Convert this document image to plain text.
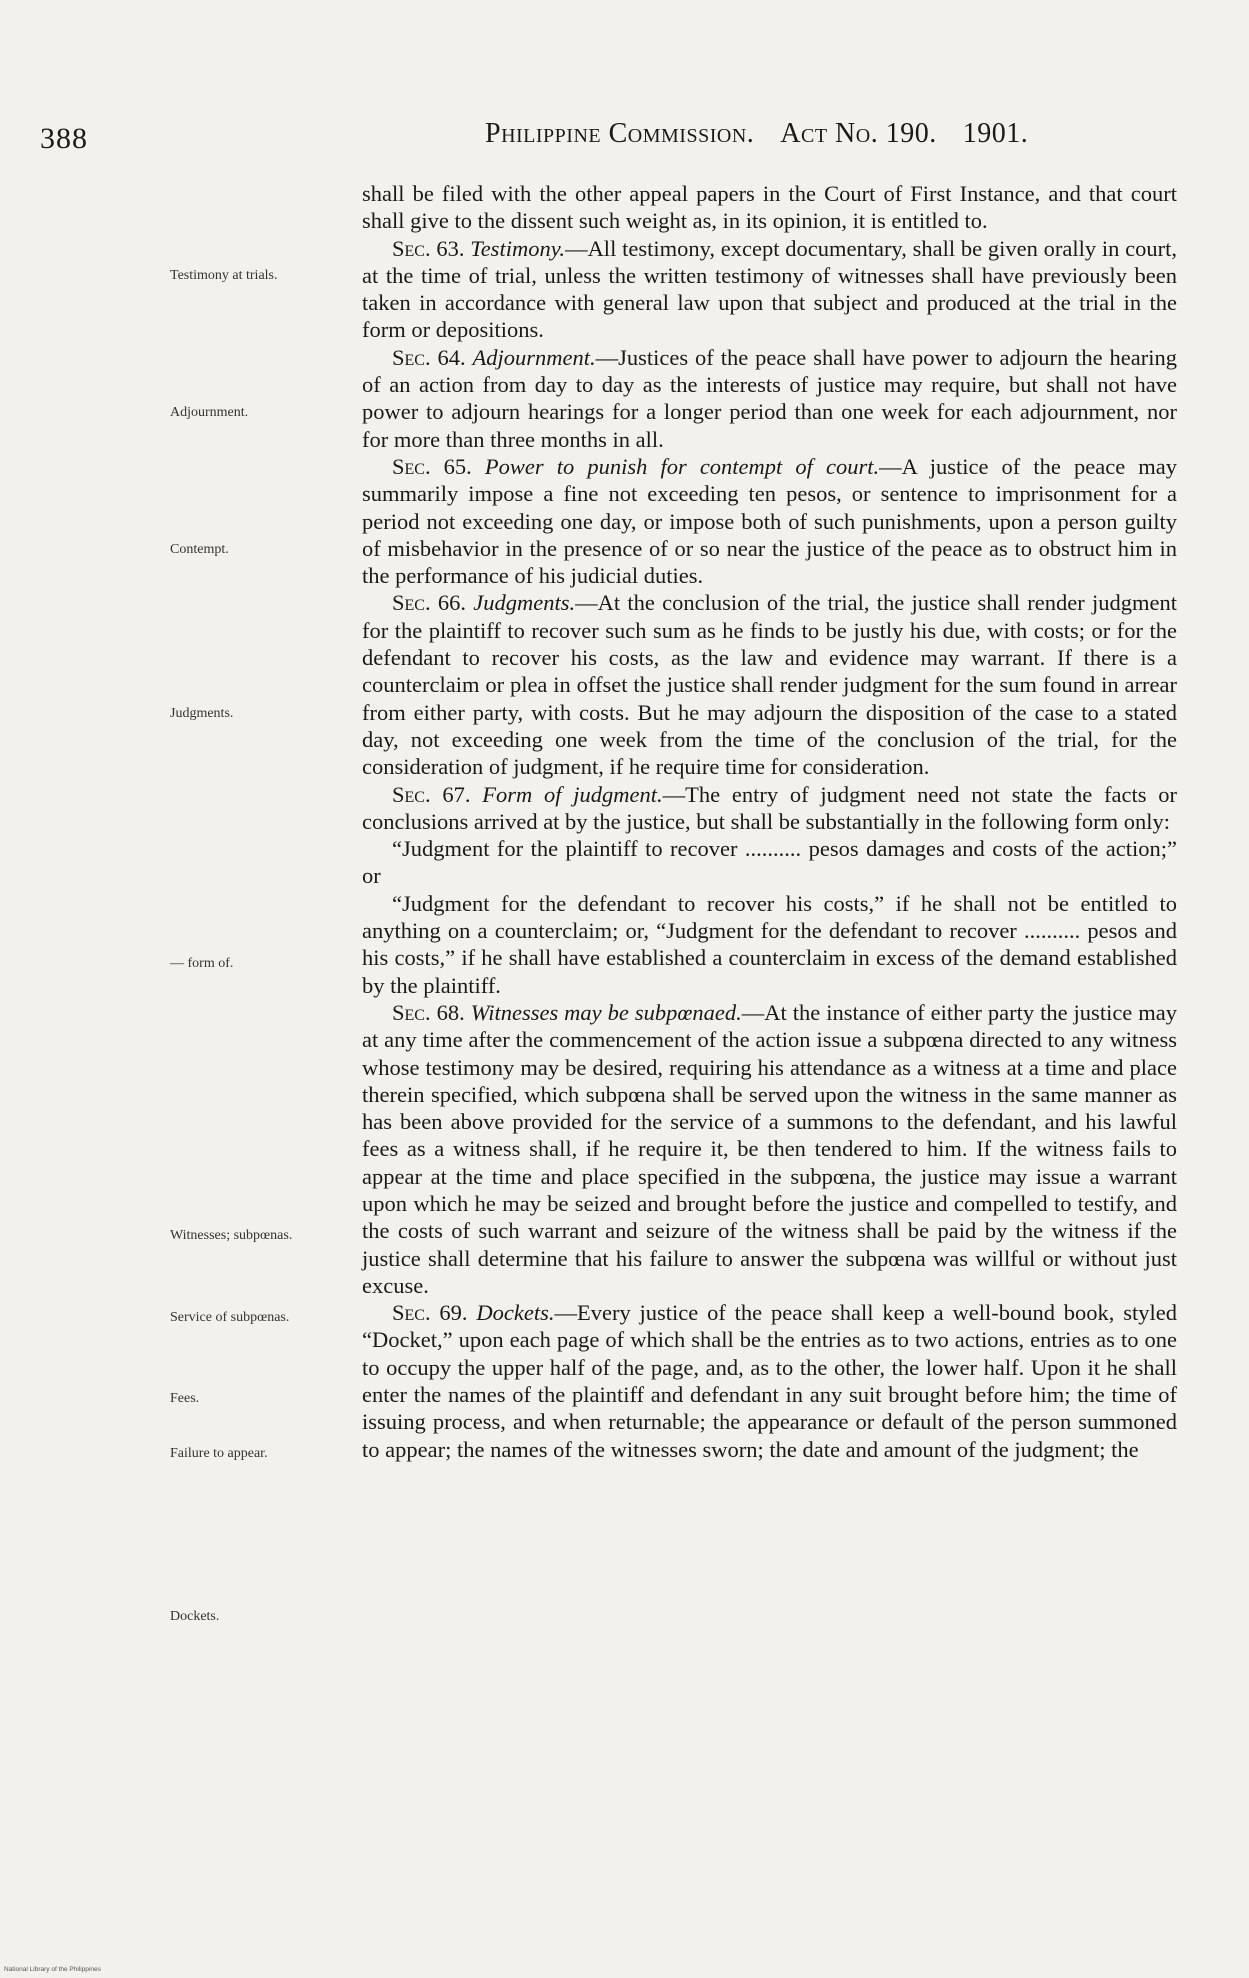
388	Philippine Commission. Act No. 190. 1901.
Testimony at trials.
Adjournment.
Contempt.
Judgments.
— form of.
Witnesses; subpœnas.
Service of subpœnas.
Fees.
Failure to appear.
Dockets.

shall be filed with the other appeal papers in the Court of First Instance, and that court shall give to the dissent such weight as, in its opinion, it is entitled to.

Sec. 63. Testimony.—All testimony, except documentary, shall be given orally in court, at the time of trial, unless the written testimony of witnesses shall have previously been taken in accordance with general law upon that subject and produced at the trial in the form or depositions.

Sec. 64. Adjournment.—Justices of the peace shall have power to adjourn the hearing of an action from day to day as the interests of justice may require, but shall not have power to adjourn hearings for a longer period than one week for each adjournment, nor for more than three months in all.

Sec. 65. Power to punish for contempt of court.—A justice of the peace may summarily impose a fine not exceeding ten pesos, or sentence to imprisonment for a period not exceeding one day, or impose both of such punishments, upon a person guilty of misbehavior in the presence of or so near the justice of the peace as to obstruct him in the performance of his judicial duties.

Sec. 66. Judgments.—At the conclusion of the trial, the justice shall render judgment for the plaintiff to recover such sum as he finds to be justly his due, with costs; or for the defendant to recover his costs, as the law and evidence may warrant. If there is a counterclaim or plea in offset the justice shall render judgment for the sum found in arrear from either party, with costs. But he may adjourn the disposition of the case to a stated day, not exceeding one week from the time of the conclusion of the trial, for the consideration of judgment, if he require time for consideration.

Sec. 67. Form of judgment.—The entry of judgment need not state the facts or conclusions arrived at by the justice, but shall be substantially in the following form only:

“Judgment for the plaintiff to recover .......... pesos damages and costs of the action;” or

“Judgment for the defendant to recover his costs,” if he shall not be entitled to anything on a counterclaim; or, “Judgment for the defendant to recover .......... pesos and his costs,” if he shall have established a counterclaim in excess of the demand established by the plaintiff.

Sec. 68. Witnesses may be subpœnaed.—At the instance of either party the justice may at any time after the commencement of the action issue a subpœna directed to any witness whose testimony may be desired, requiring his attendance as a witness at a time and place therein specified, which subpœna shall be served upon the witness in the same manner as has been above provided for the service of a summons to the defendant, and his lawful fees as a witness shall, if he require it, be then tendered to him. If the witness fails to appear at the time and place specified in the subpœna, the justice may issue a warrant upon which he may be seized and brought before the justice and compelled to testify, and the costs of such warrant and seizure of the witness shall be paid by the witness if the justice shall determine that his failure to answer the subpœna was willful or without just excuse.

Sec. 69. Dockets.—Every justice of the peace shall keep a well-bound book, styled “Docket,” upon each page of which shall be the entries as to two actions, entries as to one to occupy the upper half of the page, and, as to the other, the lower half. Upon it he shall enter the names of the plaintiff and defendant in any suit brought before him; the time of issuing process, and when returnable; the appearance or default of the person summoned to appear; the names of the witnesses sworn; the date and amount of the judgment; the

National Library of the Philippines
